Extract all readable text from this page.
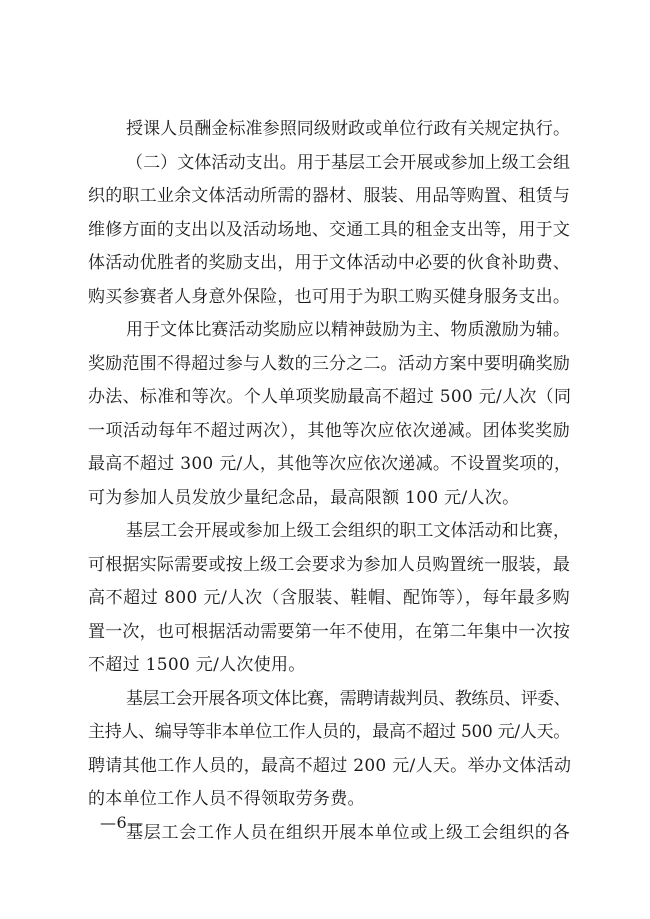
授课人员酬金标准参照同级财政或单位行政有关规定执行。
（二）文体活动支出。用于基层工会开展或参加上级工会组
织的职工业余文体活动所需的器材、服装、用品等购置、租赁与
维修方面的支出以及活动场地、交通工具的租金支出等，用于文
体活动优胜者的奖励支出，用于文体活动中必要的伙食补助费、
购买参赛者人身意外保险，也可用于为职工购买健身服务支出。
用于文体比赛活动奖励应以精神鼓励为主、物质激励为辅。
奖励范围不得超过参与人数的三分之二。活动方案中要明确奖励
办法、标准和等次。个人单项奖励最高不超过 500 元/人次（同
一项活动每年不超过两次），其他等次应依次递减。团体奖奖励
最高不超过 300 元/人，其他等次应依次递减。不设置奖项的，
可为参加人员发放少量纪念品，最高限额 100 元/人次。
基层工会开展或参加上级工会组织的职工文体活动和比赛，
可根据实际需要或按上级工会要求为参加人员购置统一服装，最
高不超过 800 元/人次（含服装、鞋帽、配饰等），每年最多购
置一次，也可根据活动需要第一年不使用，在第二年集中一次按
不超过 1500 元/人次使用。
基层工会开展各项文体比赛，需聘请裁判员、教练员、评委、
主持人、编导等非本单位工作人员的，最高不超过 500 元/人天。
聘请其他工作人员的，最高不超过 200 元/人天。举办文体活动
的本单位工作人员不得领取劳务费。
基层工会工作人员在组织开展本单位或上级工会组织的各
—6—
